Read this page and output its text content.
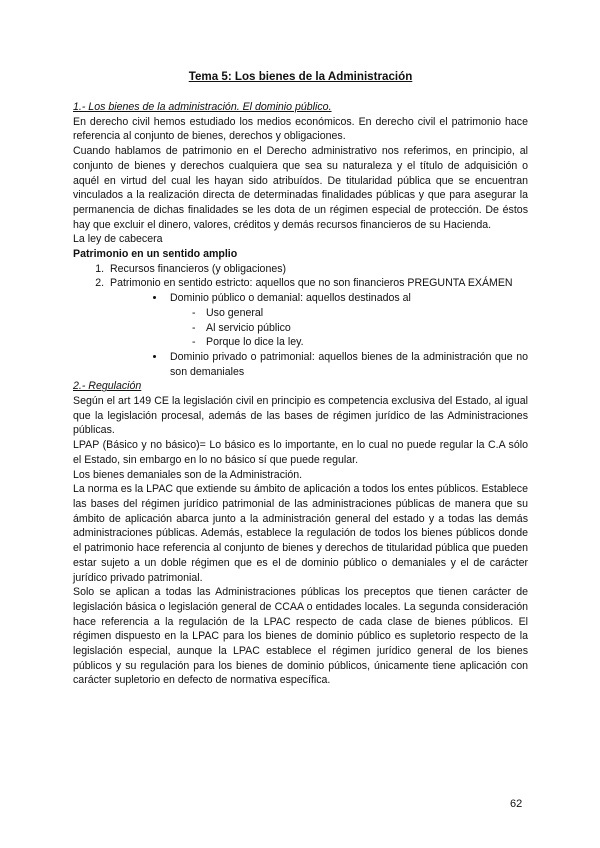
Tema 5: Los bienes de la Administración

1.- Los bienes de la administración. El dominio público.

En derecho civil hemos estudiado los medios económicos. En derecho civil el patrimonio hace referencia al conjunto de bienes, derechos y obligaciones.

Cuando hablamos de patrimonio en el Derecho administrativo nos referimos, en principio, al conjunto de bienes y derechos cualquiera que sea su naturaleza y el título de adquisición o aquél en virtud del cual les hayan sido atribuídos. De titularidad pública que se encuentran vinculados a la realización directa de determinadas finalidades públicas y que para asegurar la permanencia de dichas finalidades se les dota de un régimen especial de protección. De éstos hay que excluir el dinero, valores, créditos y demás recursos financieros de su Hacienda.

La ley de cabecera

Patrimonio en un sentido amplio

1. Recursos financieros (y obligaciones)
2. Patrimonio en sentido estricto: aquellos que no son financieros PREGUNTA EXÁMEN
• Dominio público o demanial: aquellos destinados al
- Uso general
- Al servicio público
- Porque lo dice la ley.
• Dominio privado o patrimonial: aquellos bienes de la administración que no son demaniales

2.- Regulación

Según el art 149 CE la legislación civil en principio es competencia exclusiva del Estado, al igual que la legislación procesal, además de las bases de régimen jurídico de las Administraciones públicas.

LPAP (Básico y no básico)= Lo básico es lo importante, en lo cual no puede regular la C.A sólo el Estado, sin embargo en lo no básico sí que puede regular.

Los bienes demaniales son de la Administración.

La norma es la LPAC que extiende su ámbito de aplicación a todos los entes públicos. Establece las bases del régimen jurídico patrimonial de las administraciones públicas de manera que su ámbito de aplicación abarca junto a la administración general del estado y a todas las demás administraciones públicas. Además, establece la regulación de todos los bienes públicos donde el patrimonio hace referencia al conjunto de bienes y derechos de titularidad pública que pueden estar sujeto a un doble régimen que es el de dominio público o demaniales y el de carácter jurídico privado patrimonial.

Solo se aplican a todas las Administraciones públicas los preceptos que tienen carácter de legislación básica o legislación general de CCAA o entidades locales. La segunda consideración hace referencia a la regulación de la LPAC respecto de cada clase de bienes públicos. El régimen dispuesto en la LPAC para los bienes de dominio público es supletorio respecto de la legislación especial, aunque la LPAC establece el régimen jurídico general de los bienes públicos y su regulación para los bienes de dominio públicos, únicamente tiene aplicación con carácter supletorio en defecto de normativa específica.

62
